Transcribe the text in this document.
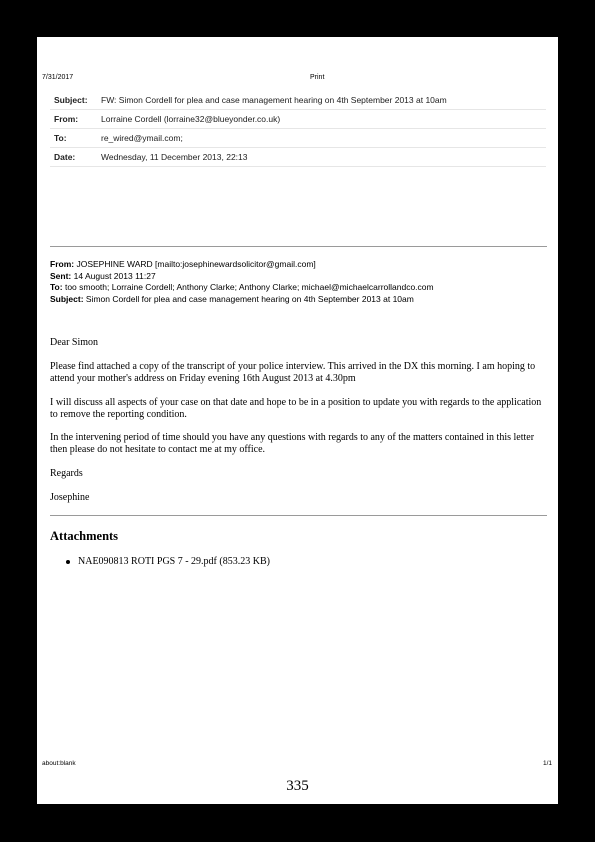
7/31/2017	Print
Subject:	FW: Simon Cordell for plea and case management hearing on 4th September 2013 at 10am
From:	Lorraine Cordell (lorraine32@blueyonder.co.uk)
To:	re_wired@ymail.com;
Date:	Wednesday, 11 December 2013, 22:13
From: JOSEPHINE WARD [mailto:josephinewardsolicitor@gmail.com]
Sent: 14 August 2013 11:27
To: too smooth; Lorraine Cordell; Anthony Clarke; Anthony Clarke; michael@michaelcarrollandco.com
Subject: Simon Cordell for plea and case management hearing on 4th September 2013 at 10am
Dear Simon
Please find attached a copy of the transcript of your police interview. This arrived in the DX this morning. I am hoping to attend your mother's address on Friday evening 16th August 2013 at 4.30pm
I will discuss all aspects of your case on that date and hope to be in a position to update you with regards to the application to remove the reporting condition.
In the intervening period of time should you have any questions with regards to any of the matters contained in this letter then please do not hesitate to contact me at my office.
Regards
Josephine
Attachments
NAE090813 ROTI PGS 7 - 29.pdf (853.23 KB)
about:blank	1/1
335
